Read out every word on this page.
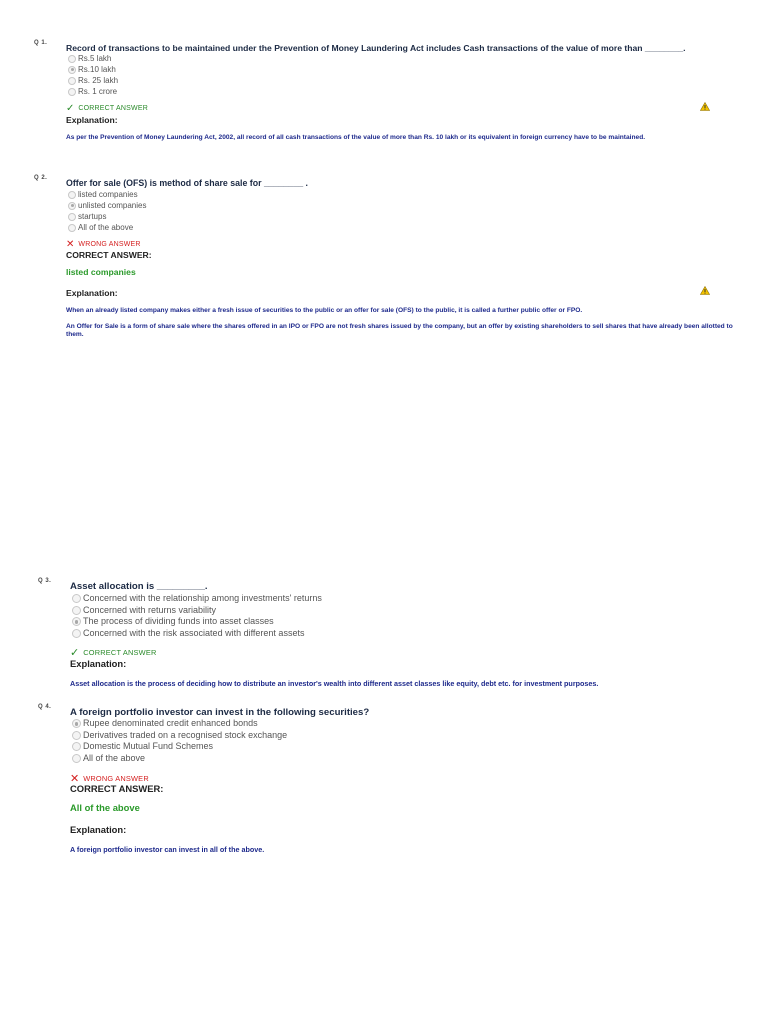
Q 1. Record of transactions to be maintained under the Prevention of Money Laundering Act includes Cash transactions of the value of more than ________.
Rs.5 lakh
Rs.10 lakh
Rs. 25 lakh
Rs. 1 crore
✓ CORRECT ANSWER
Explanation:
As per the Prevention of Money Laundering Act, 2002, all record of all cash transactions of the value of more than Rs. 10 lakh or its equivalent in foreign currency have to be maintained.
Q 2. Offer for sale (OFS) is method of share sale for ________ .
listed companies
unlisted companies
startups
All of the above
✕ WRONG ANSWER
CORRECT ANSWER:
listed companies
Explanation:
When an already listed company makes either a fresh issue of securities to the public or an offer for sale (OFS) to the public, it is called a further public offer or FPO.
An Offer for Sale is a form of share sale where the shares offered in an IPO or FPO are not fresh shares issued by the company, but an offer by existing shareholders to sell shares that have already been allotted to them.
Q 3. Asset allocation is _________.
Concerned with the relationship among investments' returns
Concerned with returns variability
The process of dividing funds into asset classes
Concerned with the risk associated with different assets
✓ CORRECT ANSWER
Explanation:
Asset allocation is the process of deciding how to distribute an investor's wealth into different asset classes like equity, debt etc. for investment purposes.
Q 4. A foreign portfolio investor can invest in the following securities?
Rupee denominated credit enhanced bonds
Derivatives traded on a recognised stock exchange
Domestic Mutual Fund Schemes
All of the above
✕ WRONG ANSWER
CORRECT ANSWER:
All of the above
Explanation:
A foreign portfolio investor can invest in all of the above.
